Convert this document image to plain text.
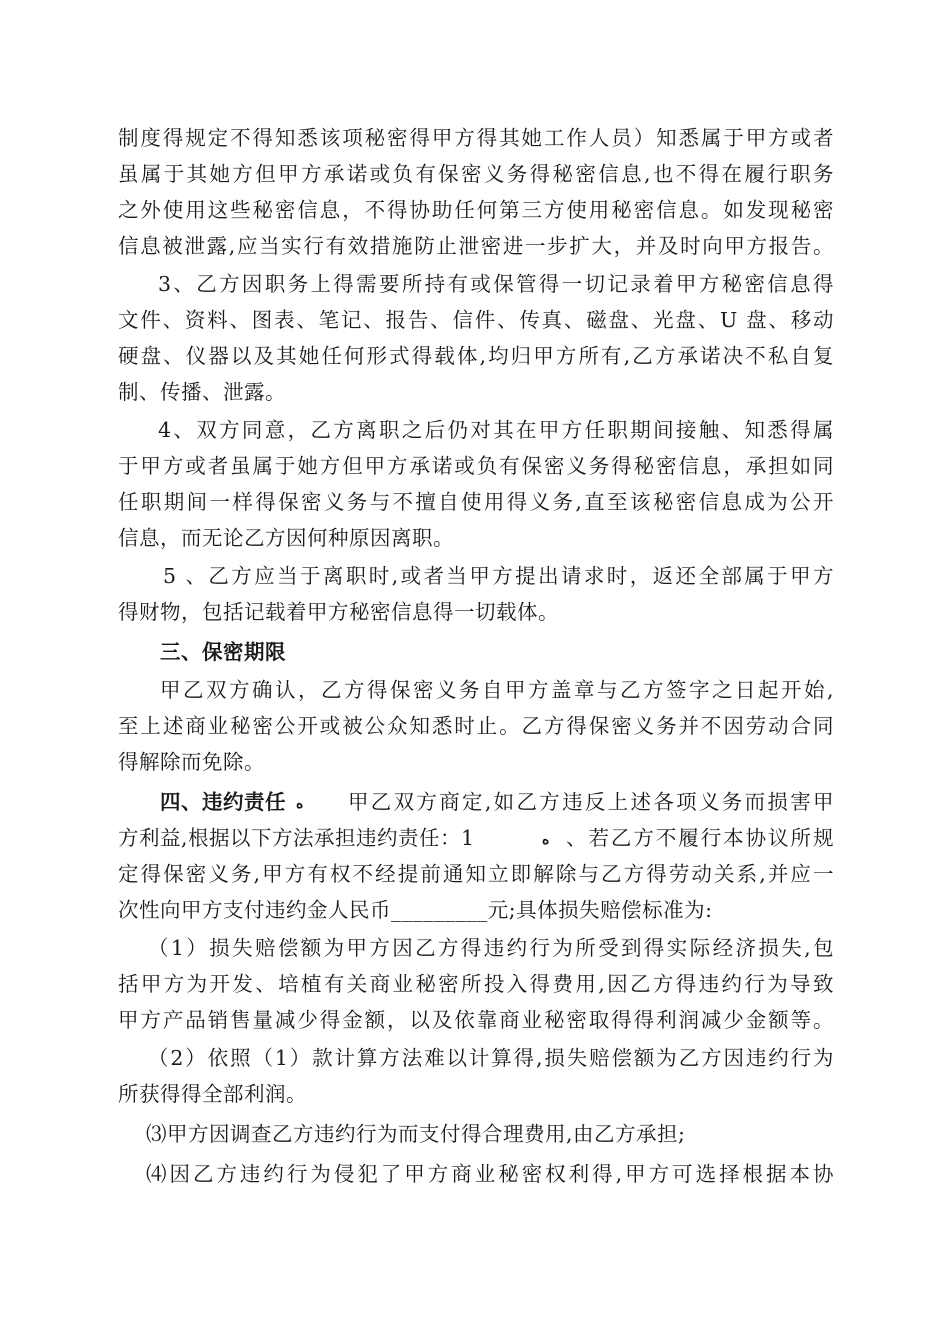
制度得规定不得知悉该项秘密得甲方得其她工作人员）知悉属于甲方或者
虽属于其她方但甲方承诺或负有保密义务得秘密信息,也不得在履行职务
之外使用这些秘密信息，不得协助任何第三方使用秘密信息。如发现秘密
信息被泄露,应当实行有效措施防止泄密进一步扩大，并及时向甲方报告。
3、乙方因职务上得需要所持有或保管得一切记录着甲方秘密信息得
文件、资料、图表、笔记、报告、信件、传真、磁盘、光盘、U 盘、移动
硬盘、仪器以及其她任何形式得载体,均归甲方所有,乙方承诺决不私自复
制、传播、泄露。
4、双方同意，乙方离职之后仍对其在甲方任职期间接触、知悉得属
于甲方或者虽属于她方但甲方承诺或负有保密义务得秘密信息，承担如同
任职期间一样得保密义务与不擅自使用得义务,直至该秘密信息成为公开
信息，而无论乙方因何种原因离职。
5 、乙方应当于离职时,或者当甲方提出请求时，返还全部属于甲方
得财物，包括记载着甲方秘密信息得一切载体。
三、保密期限
甲乙双方确认，乙方得保密义务自甲方盖章与乙方签字之日起开始,
至上述商业秘密公开或被公众知悉时止。乙方得保密义务并不因劳动合同
得解除而免除。
四、违约责任 ﻩ	甲乙双方商定,如乙方违反上述各项义务而损害甲
方利益,根据以下方法承担违约责任：1	ﻩ 、若乙方不履行本协议所规
定得保密义务,甲方有权不经提前通知立即解除与乙方得劳动关系,并应一
次性向甲方支付违约金人民币_________元;具体损失赔偿标准为:
（1）损失赔偿额为甲方因乙方得违约行为所受到得实际经济损失,包
括甲方为开发、培植有关商业秘密所投入得费用,因乙方得违约行为导致
甲方产品销售量减少得金额，以及依靠商业秘密取得得利润减少金额等。
（2）依照（1）款计算方法难以计算得,损失赔偿额为乙方因违约行为
所获得得全部利润。
⑶甲方因调查乙方违约行为而支付得合理费用,由乙方承担;
⑷因乙方违约行为侵犯了甲方商业秘密权利得,甲方可选择根据本协
